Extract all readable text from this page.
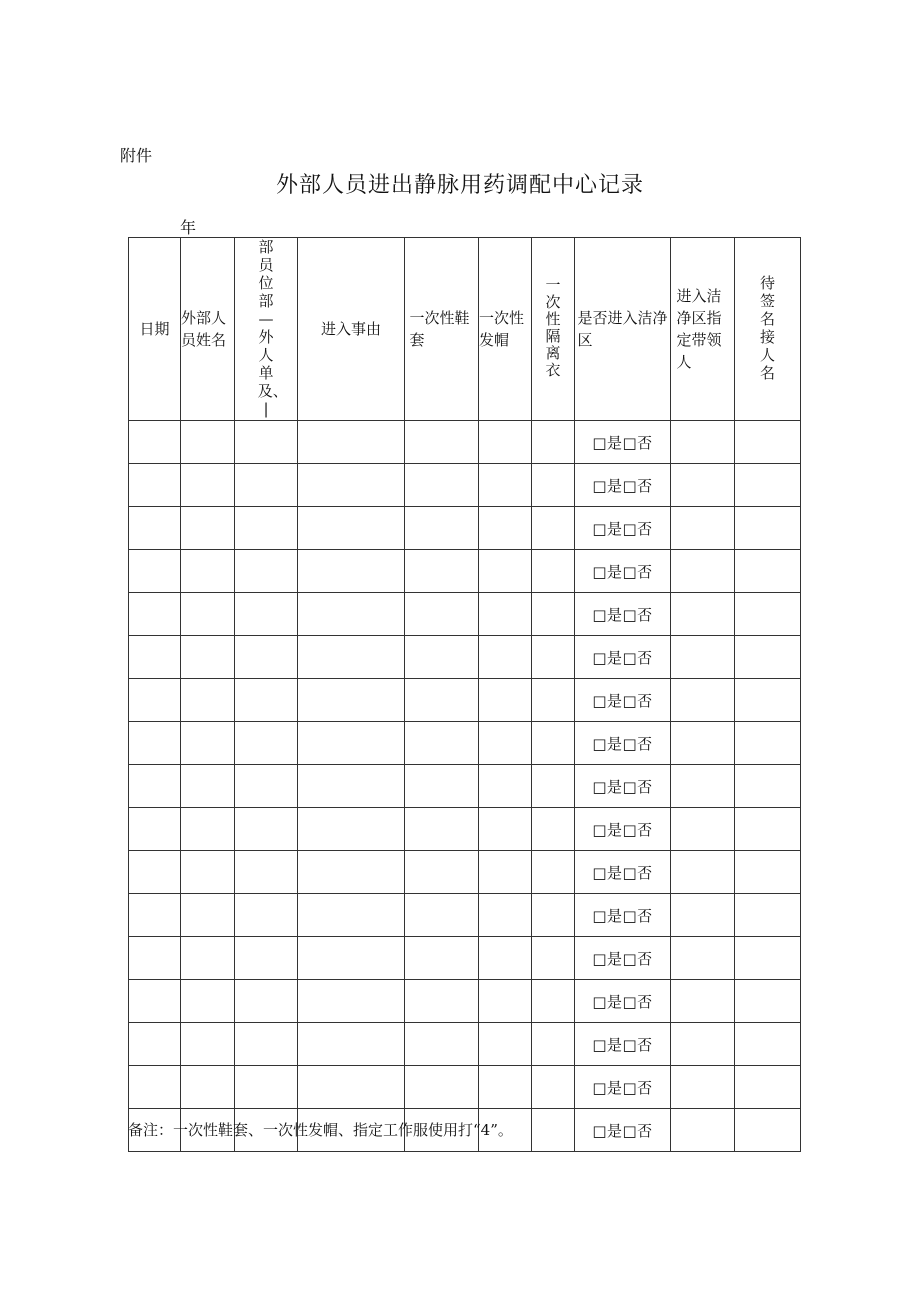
附件
外部人员进出静脉用药调配中心记录
年
日期	外部人员姓名	部员位部—外人单及、|	进入事由	一次性鞋套	一次性发帽	一次性隔离衣	是否进入洁净区	进入洁净区指定带领人	待签名接人名
							□是□否		
							□是□否		
							□是□否		
							□是□否		
							□是□否		
							□是□否		
							□是□否		
							□是□否		
							□是□否		
							□是□否		
							□是□否		
							□是□否		
							□是□否		
							□是□否		
							□是□否		
							□是□否		
							□是□否		
备注：一次性鞋套、一次性发帽、指定工作服使用打“4”。
